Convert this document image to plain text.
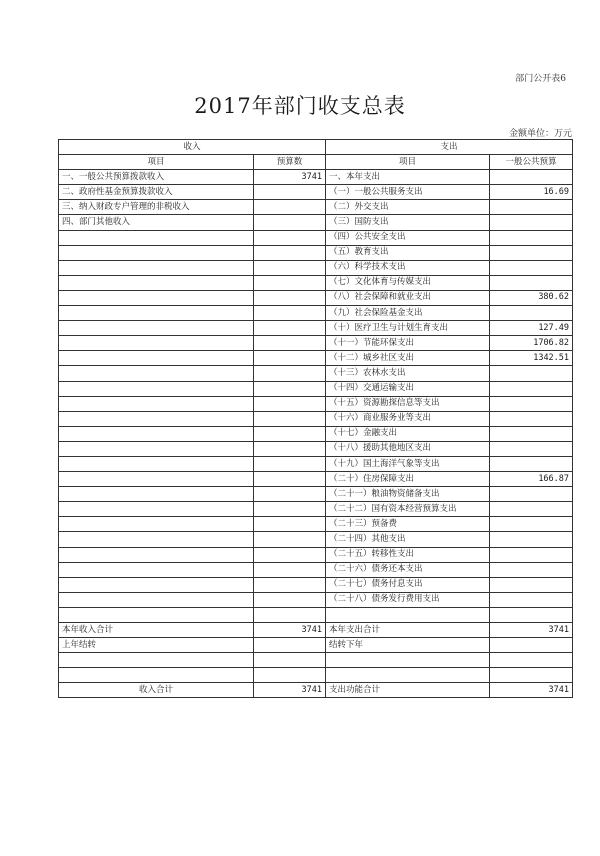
部门公开表6
2017年部门收支总表
金额单位：万元
收入		支出	
项目	预算数	项目	一般公共预算
一、一般公共预算拨款收入	3741	一、本年支出	
二、政府性基金预算拨款收入		（一）一般公共服务支出	16.69
三、纳入财政专户管理的非税收入		（二）外交支出	
四、部门其他收入		（三）国防支出	
		（四）公共安全支出	
		（五）教育支出	
		（六）科学技术支出	
		（七）文化体育与传媒支出	
		（八）社会保障和就业支出	380.62
		（九）社会保险基金支出	
		（十）医疗卫生与计划生育支出	127.49
		（十一）节能环保支出	1706.82
		（十二）城乡社区支出	1342.51
		（十三）农林水支出	
		（十四）交通运输支出	
		（十五）资源勘探信息等支出	
		（十六）商业服务业等支出	
		（十七）金融支出	
		（十八）援助其他地区支出	
		（十九）国土海洋气象等支出	
		（二十）住房保障支出	166.87
		（二十一）粮油物资储备支出	
		（二十二）国有资本经营预算支出	
		（二十三）预备费	
		（二十四）其他支出	
		（二十五）转移性支出	
		（二十六）债务还本支出	
		（二十七）债务付息支出	
		（二十八）债务发行费用支出	

本年收入合计	3741	本年支出合计	3741
上年结转		结转下年	

收入合计	3741	支出功能合计	3741
